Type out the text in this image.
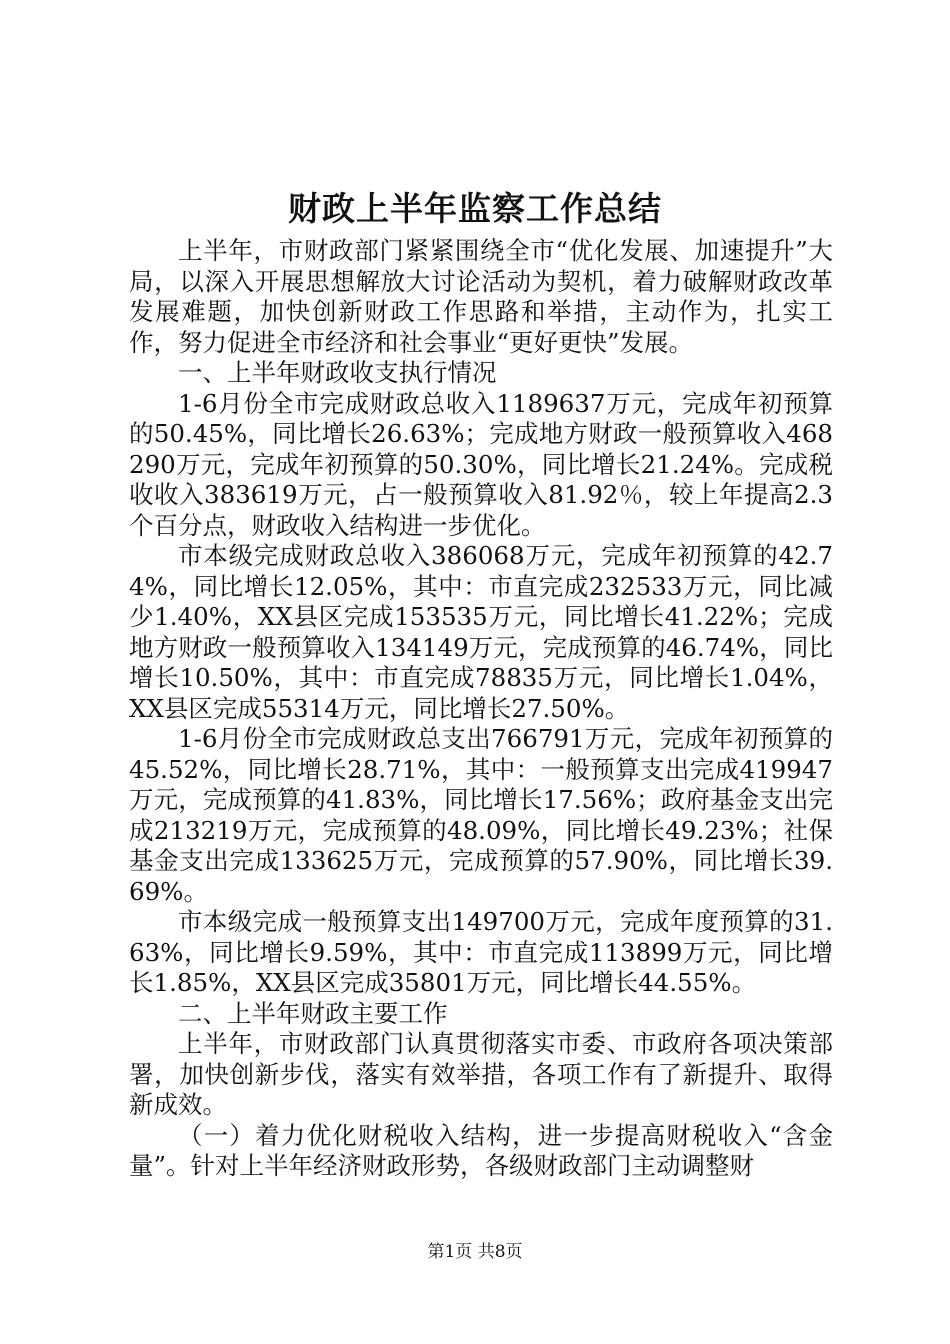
财政上半年监察工作总结

上半年，市财政部门紧紧围绕全市“优化发展、加速提升”大局，以深入开展思想解放大讨论活动为契机，着力破解财政改革发展难题，加快创新财政工作思路和举措，主动作为，扎实工作，努力促进全市经济和社会事业“更好更快”发展。

一、上半年财政收支执行情况

1-6月份全市完成财政总收入1189637万元，完成年初预算的50.45%，同比增长26.63%；完成地方财政一般预算收入468290万元，完成年初预算的50.30%，同比增长21.24%。完成税收收入383619万元，占一般预算收入81.92％，较上年提高2.3个百分点，财政收入结构进一步优化。

市本级完成财政总收入386068万元，完成年初预算的42.74%，同比增长12.05%，其中：市直完成232533万元，同比减少1.40%，XX县区完成153535万元，同比增长41.22%；完成地方财政一般预算收入134149万元，完成预算的46.74%，同比增长10.50%，其中：市直完成78835万元，同比增长1.04%，XX县区完成55314万元，同比增长27.50%。

1-6月份全市完成财政总支出766791万元，完成年初预算的45.52%，同比增长28.71%，其中：一般预算支出完成419947万元，完成预算的41.83%，同比增长17.56%；政府基金支出完成213219万元，完成预算的48.09%，同比增长49.23%；社保基金支出完成133625万元，完成预算的57.90%，同比增长39.69%。

市本级完成一般预算支出149700万元，完成年度预算的31.63%，同比增长9.59%，其中：市直完成113899万元，同比增长1.85%，XX县区完成35801万元，同比增长44.55%。

二、上半年财政主要工作

上半年，市财政部门认真贯彻落实市委、市政府各项决策部署，加快创新步伐，落实有效举措，各项工作有了新提升、取得新成效。

（一）着力优化财税收入结构，进一步提高财税收入“含金量”。针对上半年经济财政形势，各级财政部门主动调整财

第1页 共8页
